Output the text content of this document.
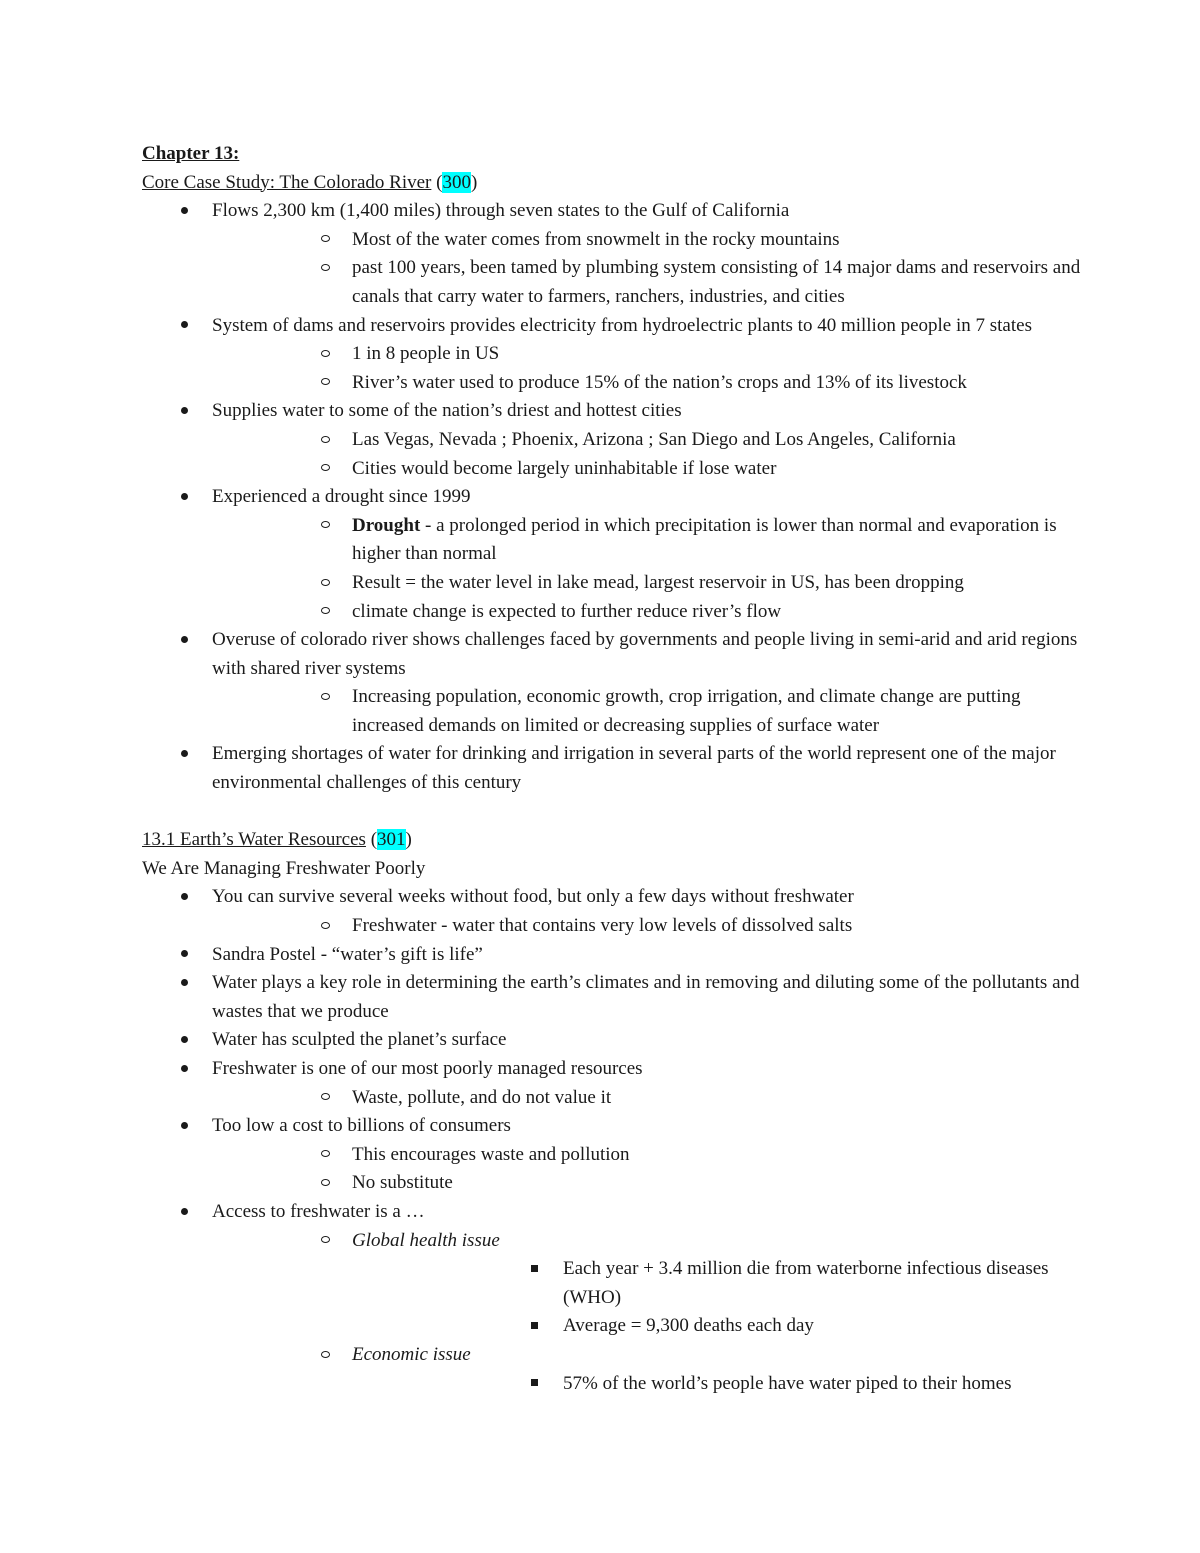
Chapter 13:

Core Case Study: The Colorado River (300)

Flows 2,300 km (1,400 miles) through seven states to the Gulf of California
Most of the water comes from snowmelt in the rocky mountains
past 100 years, been tamed by plumbing system consisting of 14 major dams and reservoirs and canals that carry water to farmers, ranchers, industries, and cities
System of dams and reservoirs provides electricity from hydroelectric plants to 40 million people in 7 states
1 in 8 people in US
River’s water used to produce 15% of the nation’s crops and 13% of its livestock
Supplies water to some of the nation’s driest and hottest cities
Las Vegas, Nevada ; Phoenix, Arizona ; San Diego and Los Angeles, California
Cities would become largely uninhabitable if lose water
Experienced a drought since 1999
Drought - a prolonged period in which precipitation is lower than normal and evaporation is higher than normal
Result = the water level in lake mead, largest reservoir in US, has been dropping
climate change is expected to further reduce river’s flow
Overuse of colorado river shows challenges faced by governments and people living in semi-arid and arid regions with shared river systems
Increasing population, economic growth, crop irrigation, and climate change are putting increased demands on limited or decreasing supplies of surface water
Emerging shortages of water for drinking and irrigation in several parts of the world represent one of the major environmental challenges of this century

13.1 Earth’s Water Resources (301)

We Are Managing Freshwater Poorly

You can survive several weeks without food, but only a few days without freshwater
Freshwater - water that contains very low levels of dissolved salts
Sandra Postel - “water’s gift is life”
Water plays a key role in determining the earth’s climates and in removing and diluting some of the pollutants and wastes that we produce
Water has sculpted the planet’s surface
Freshwater is one of our most poorly managed resources
Waste, pollute, and do not value it
Too low a cost to billions of consumers
This encourages waste and pollution
No substitute
Access to freshwater is a …
Global health issue
Each year + 3.4 million die from waterborne infectious diseases (WHO)
Average = 9,300 deaths each day
Economic issue
57% of the world’s people have water piped to their homes
